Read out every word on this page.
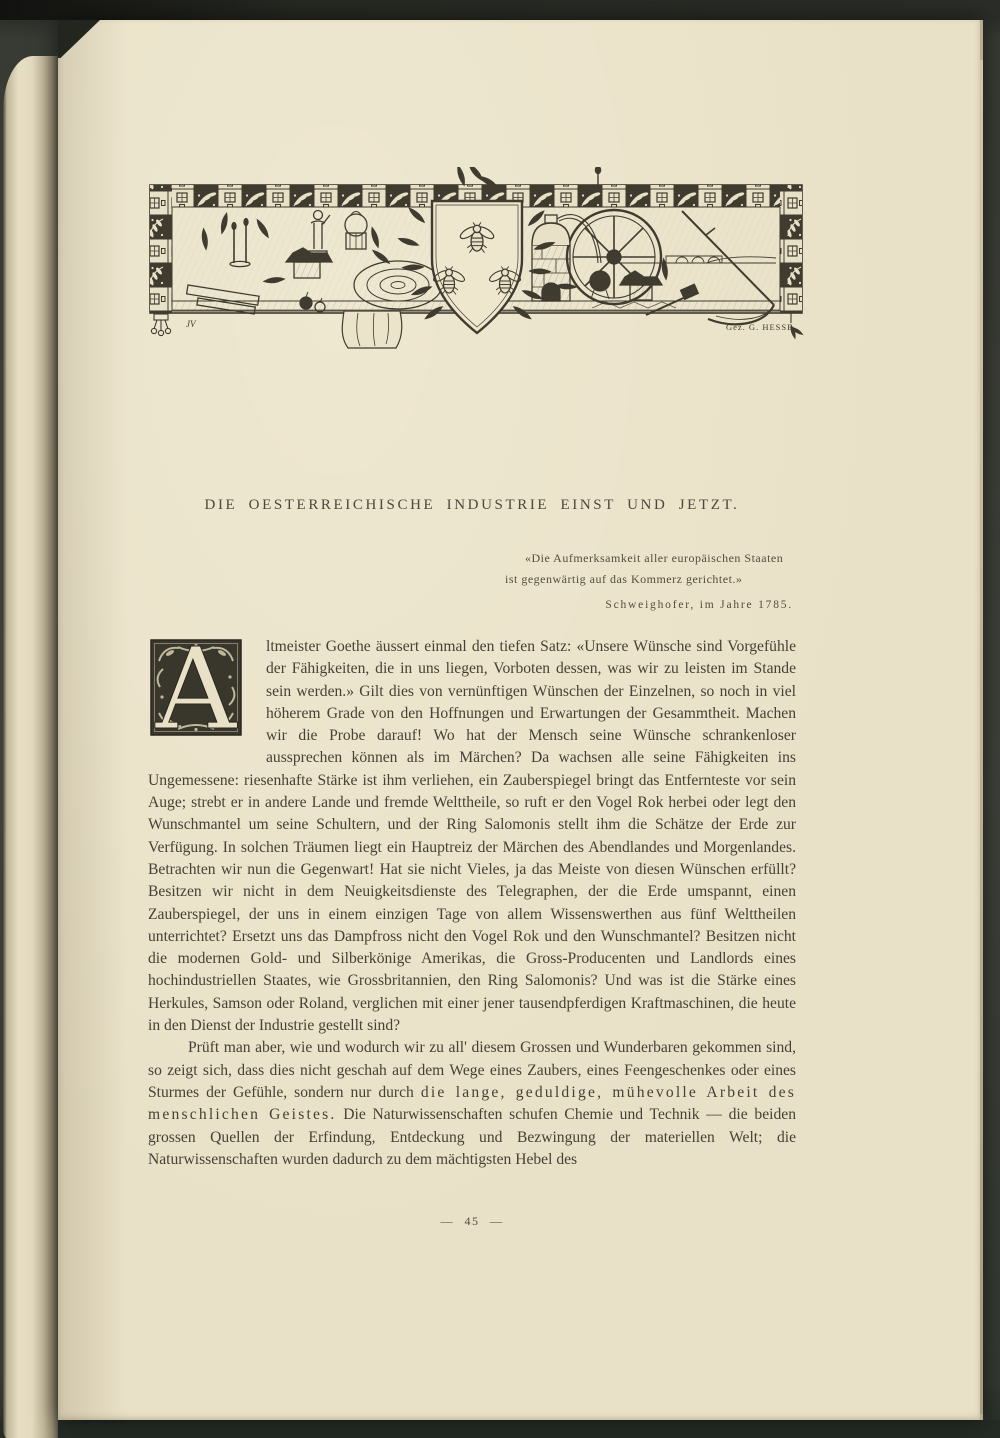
JV	Gez. G. HESSE
DIE OESTERREICHISCHE INDUSTRIE EINST UND JETZT.
«Die Aufmerksamkeit aller europäischen Staaten
ist gegenwärtig auf das Kommerz gerichtet.»
Schweighofer, im Jahre 1785.
A	ltmeister Goethe äussert einmal den tiefen Satz: «Unsere Wünsche sind Vorgefühle der Fähigkeiten, die in uns liegen, Vorboten dessen, was wir zu leisten im Stande sein werden.» Gilt dies von vernünftigen Wünschen der Einzelnen, so noch in viel höherem Grade von den Hoffnungen und Erwartungen der Gesammtheit. Machen wir die Probe darauf! Wo hat der Mensch seine Wünsche schrankenloser aussprechen können als im Märchen? Da wachsen alle seine Fähigkeiten ins Ungemessene: riesenhafte Stärke ist ihm verliehen, ein Zauberspiegel bringt das Entfernteste vor sein Auge; strebt er in andere Lande und fremde Welttheile, so ruft er den Vogel Rok herbei oder legt den Wunschmantel um seine Schultern, und der Ring Salomonis stellt ihm die Schätze der Erde zur Verfügung. In solchen Träumen liegt ein Hauptreiz der Märchen des Abendlandes und Morgenlandes. Betrachten wir nun die Gegenwart! Hat sie nicht Vieles, ja das Meiste von diesen Wünschen erfüllt? Besitzen wir nicht in dem Neuigkeitsdienste des Telegraphen, der die Erde umspannt, einen Zauberspiegel, der uns in einem einzigen Tage von allem Wissenswerthen aus fünf Welttheilen unterrichtet? Ersetzt uns das Dampfross nicht den Vogel Rok und den Wunschmantel? Besitzen nicht die modernen Gold- und Silberkönige Amerikas, die Gross-Producenten und Landlords eines hochindustriellen Staates, wie Grossbritannien, den Ring Salomonis? Und was ist die Stärke eines Herkules, Samson oder Roland, verglichen mit einer jener tausendpferdigen Kraftmaschinen, die heute in den Dienst der Industrie gestellt sind?

Prüft man aber, wie und wodurch wir zu all' diesem Grossen und Wunderbaren gekommen sind, so zeigt sich, dass dies nicht geschah auf dem Wege eines Zaubers, eines Feengeschenkes oder eines Sturmes der Gefühle, sondern nur durch die lange, geduldige, mühevolle Arbeit des menschlichen Geistes. Die Naturwissenschaften schufen Chemie und Technik — die beiden grossen Quellen der Erfindung, Entdeckung und Bezwingung der materiellen Welt; die Naturwissenschaften wurden dadurch zu dem mächtigsten Hebel des

— 45 —
